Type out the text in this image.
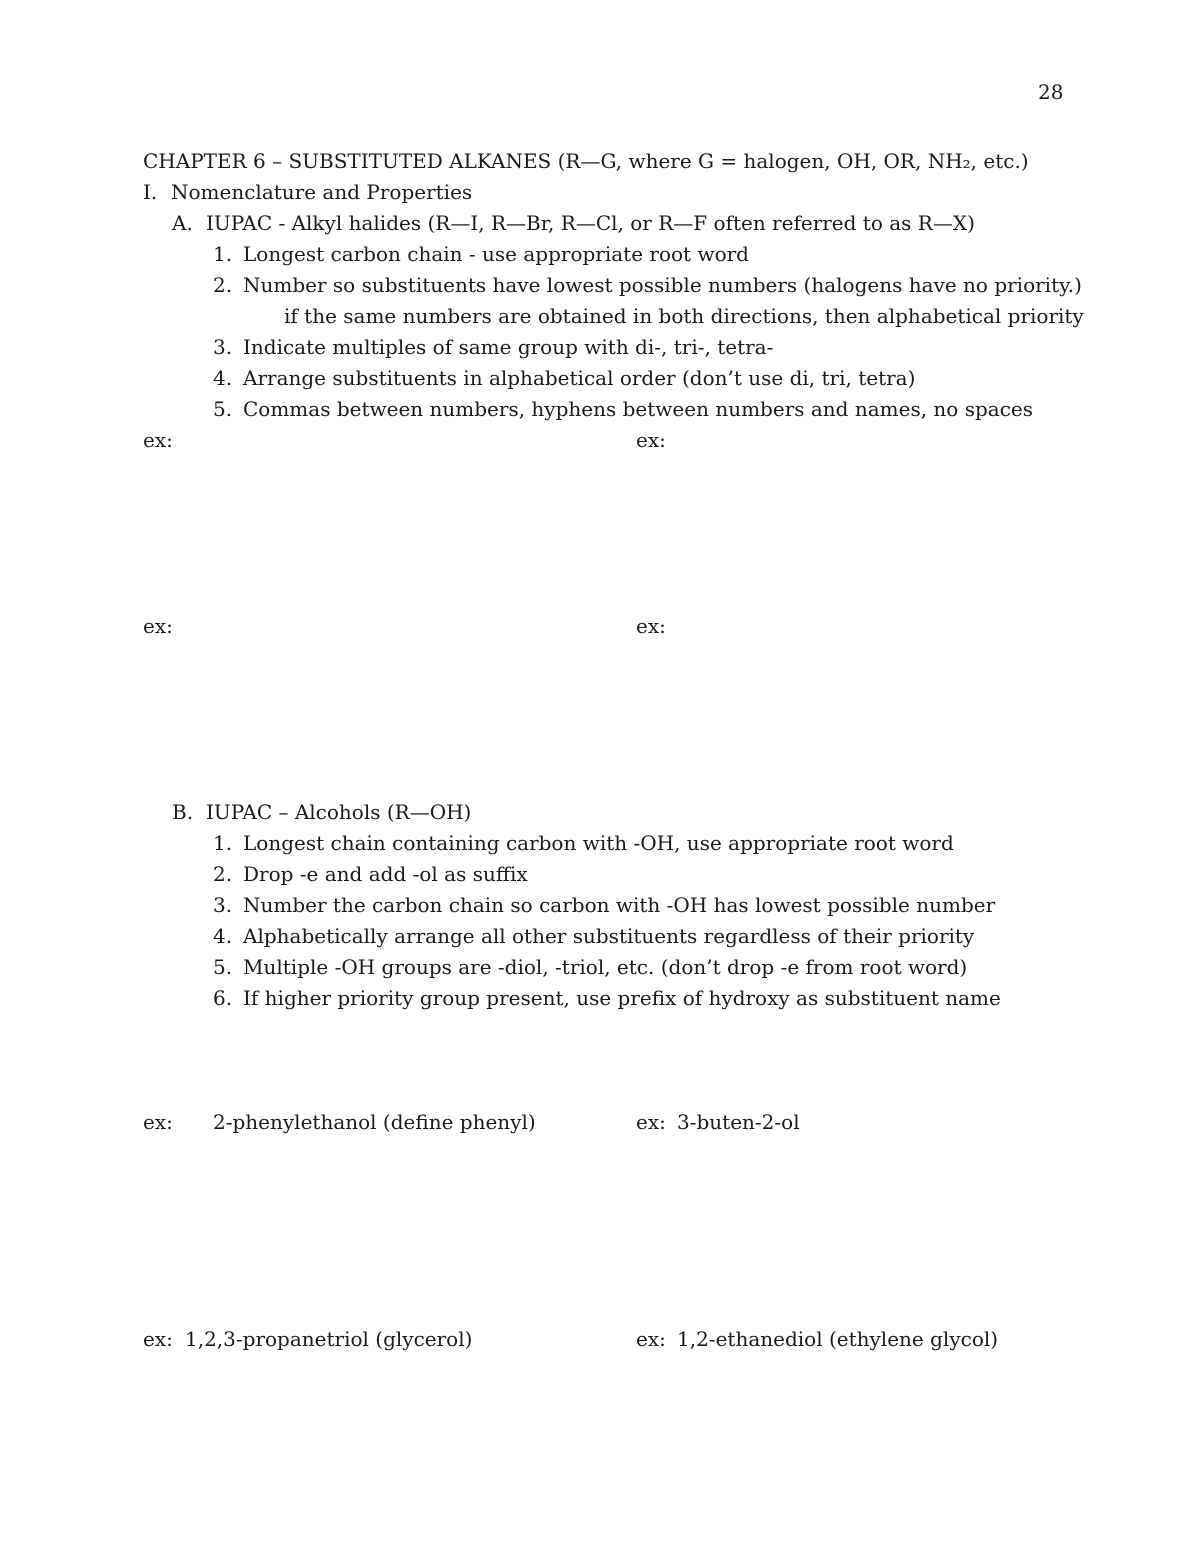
28
CHAPTER 6 – SUBSTITUTED ALKANES (R—G, where G = halogen, OH, OR, NH₂, etc.)
I. Nomenclature and Properties
A. IUPAC - Alkyl halides (R—I, R—Br, R—Cl, or R—F often referred to as R—X)
1. Longest carbon chain - use appropriate root word
2. Number so substituents have lowest possible numbers (halogens have no priority.)
if the same numbers are obtained in both directions, then alphabetical priority
3. Indicate multiples of same group with di-, tri-, tetra-
4. Arrange substituents in alphabetical order (don’t use di, tri, tetra)
5. Commas between numbers, hyphens between numbers and names, no spaces
ex:	ex:
ex:	ex:
B. IUPAC – Alcohols (R—OH)
1. Longest chain containing carbon with -OH, use appropriate root word
2. Drop -e and add -ol as suffix
3. Number the carbon chain so carbon with -OH has lowest possible number
4. Alphabetically arrange all other substituents regardless of their priority
5. Multiple -OH groups are -diol, -triol, etc. (don’t drop -e from root word)
6. If higher priority group present, use prefix of hydroxy as substituent name
ex: 2-phenylethanol (define phenyl)	ex: 3-buten-2-ol
ex: 1,2,3-propanetriol (glycerol)	ex: 1,2-ethanediol (ethylene glycol)
